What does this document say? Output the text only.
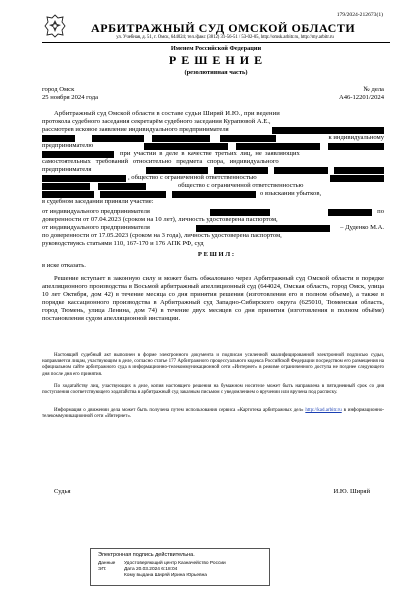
179/2024-212673(1)
АРБИТРАЖНЫЙ СУД ОМСКОЙ ОБЛАСТИ
ул. Учебная, д. 51, г. Омск, 644024; тел./факс (3812) 31-56-51 / 53-02-05, http://omsk.arbitr.ru, http://my.arbitr.ru
Именем Российской Федерации
Р Е Ш Е Н И Е
(резолютивная часть)
город Омск
25 ноября 2024 года
№ дела
А46-12201/2024
Арбитражный суд Омской области в составе судьи Ширяй И.Ю., при ведении
протокола судебного заседания секретарём судебного заседания Курапювой А.Е.,
рассмотрев исковое заявление индивидуального предпринимателя
к индивидуальному
предпринимателю
при участии в деле в качестве третьих лиц, не заявляющих
самостоятельных требований относительно предмета спора, индивидуального
предпринимателя
, общество с ограниченной ответственностью
общество с ограниченной ответственностью
о взыскании убытков,
в судебном заседании приняли участие:
от индивидуального предпринимателя	по
доверенности от 07.04.2023 (сроком на 10 лет), личность удостоверена паспортом,
от индивидуального предпринимателя	– Дуденко М.А.
по доверенности от 17.05.2023 (сроком на 3 года), личность удостоверена паспортом,
руководствуясь статьями 110, 167-170 и 176 АПК РФ, суд
Р Е Ш И Л :
в иске отказать.
Решение вступает в законную силу и может быть обжаловано через Арбитражный суд Омской области в порядке апелляционного производства в Восьмой арбитражный апелляционный суд (644024, Омская область, город Омск, улица 10 лет Октября, дом 42) в течение месяца со дня принятия решения (изготовления его в полном объеме), а также в порядке кассационного производства в Арбитражный суд Западно-Сибирского округа (625010, Тюменская область, город Тюмень, улица Ленина, дом 74) в течение двух месяцев со дня принятия (изготовления в полном объёме) постановления судом апелляционной инстанции.
Настоящий судебный акт выполнен в форме электронного документа и подписан усиленной квалифицированной электронной подписью судьи, направляется лицам, участвующим в деле, согласно статье 177 Арбитражного процессуального кодекса Российской Федерации посредством его размещения на официальном сайте арбитражного суда в информационно-телекоммуникационной сети «Интернет» в режиме ограниченного доступа не позднее следующего дня после дня его принятия.
По ходатайству лиц, участвующих в деле, копия настоящего решения на бумажном носителе может быть направлена в пятидневный срок со дня поступления соответствующего ходатайства в арбитражный суд заказным письмом с уведомлением о вручении или вручена под расписку.
Информация о движении дела может быть получена путем использования сервиса «Картотека арбитражных дел» http://kad.arbitr.ru в информационно-телекоммуникационной сети «Интернет».
Судья	И.Ю. Ширяй
Электронная подпись действительна.
Данные ЭП:Удостоверяющий центр Казначейство России
Дата 20.03.2024 6:18:04
Кому выдана Ширяй Ирина Юрьевна
